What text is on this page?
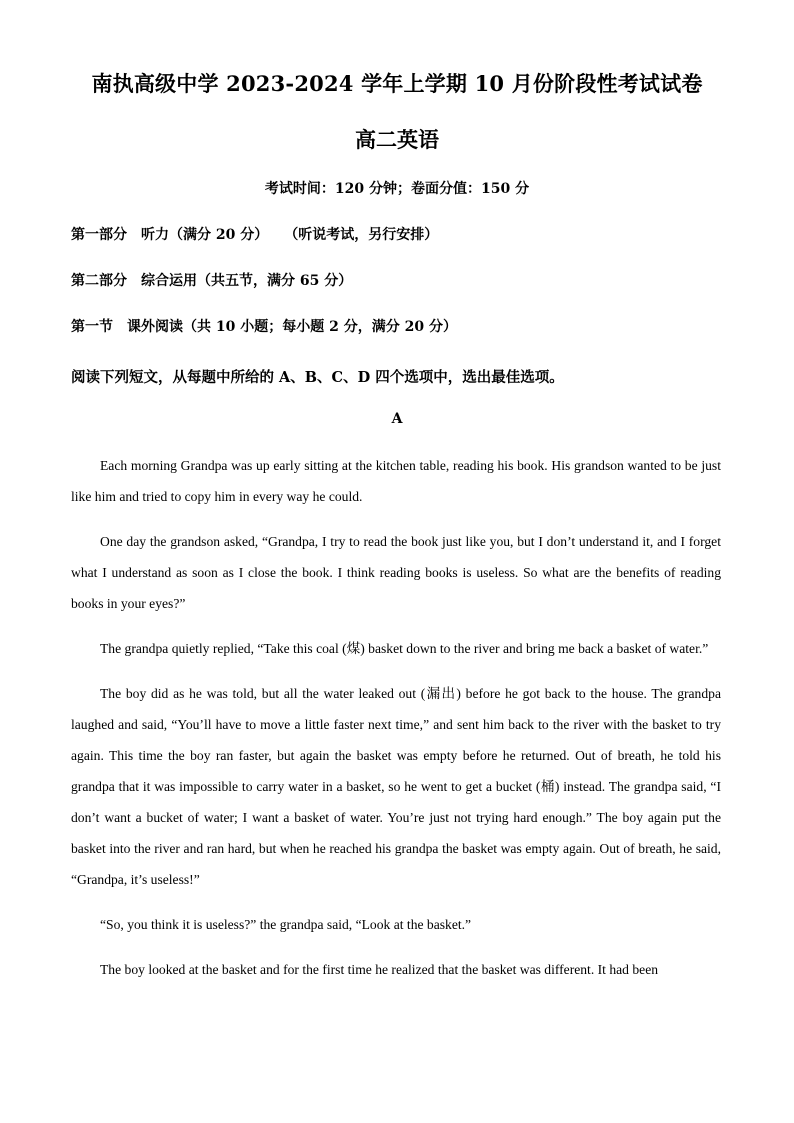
南执高级中学 2023-2024 学年上学期 10 月份阶段性考试试卷
高二英语
考试时间：120 分钟；卷面分值：150 分
第一部分 听力（满分 20 分） （听说考试，另行安排）
第二部分 综合运用（共五节，满分 65 分）
第一节 课外阅读（共 10 小题；每小题 2 分，满分 20 分）
阅读下列短文，从每题中所给的 A、B、C、D 四个选项中，选出最佳选项。
A

Each morning Grandpa was up early sitting at the kitchen table, reading his book. His grandson wanted to be just like him and tried to copy him in every way he could.

One day the grandson asked, “Grandpa, I try to read the book just like you, but I don’t understand it, and I forget what I understand as soon as I close the book. I think reading books is useless. So what are the benefits of reading books in your eyes?”

The grandpa quietly replied, “Take this coal (煤) basket down to the river and bring me back a basket of water.”

The boy did as he was told, but all the water leaked out (漏出) before he got back to the house. The grandpa laughed and said, “You’ll have to move a little faster next time,” and sent him back to the river with the basket to try again. This time the boy ran faster, but again the basket was empty before he returned. Out of breath, he told his grandpa that it was impossible to carry water in a basket, so he went to get a bucket (桶) instead. The grandpa said, “I don’t want a bucket of water; I want a basket of water. You’re just not trying hard enough.” The boy again put the basket into the river and ran hard, but when he reached his grandpa the basket was empty again. Out of breath, he said, “Grandpa, it’s useless!”

“So, you think it is useless?” the grandpa said, “Look at the basket.”

The boy looked at the basket and for the first time he realized that the basket was different. It had been
